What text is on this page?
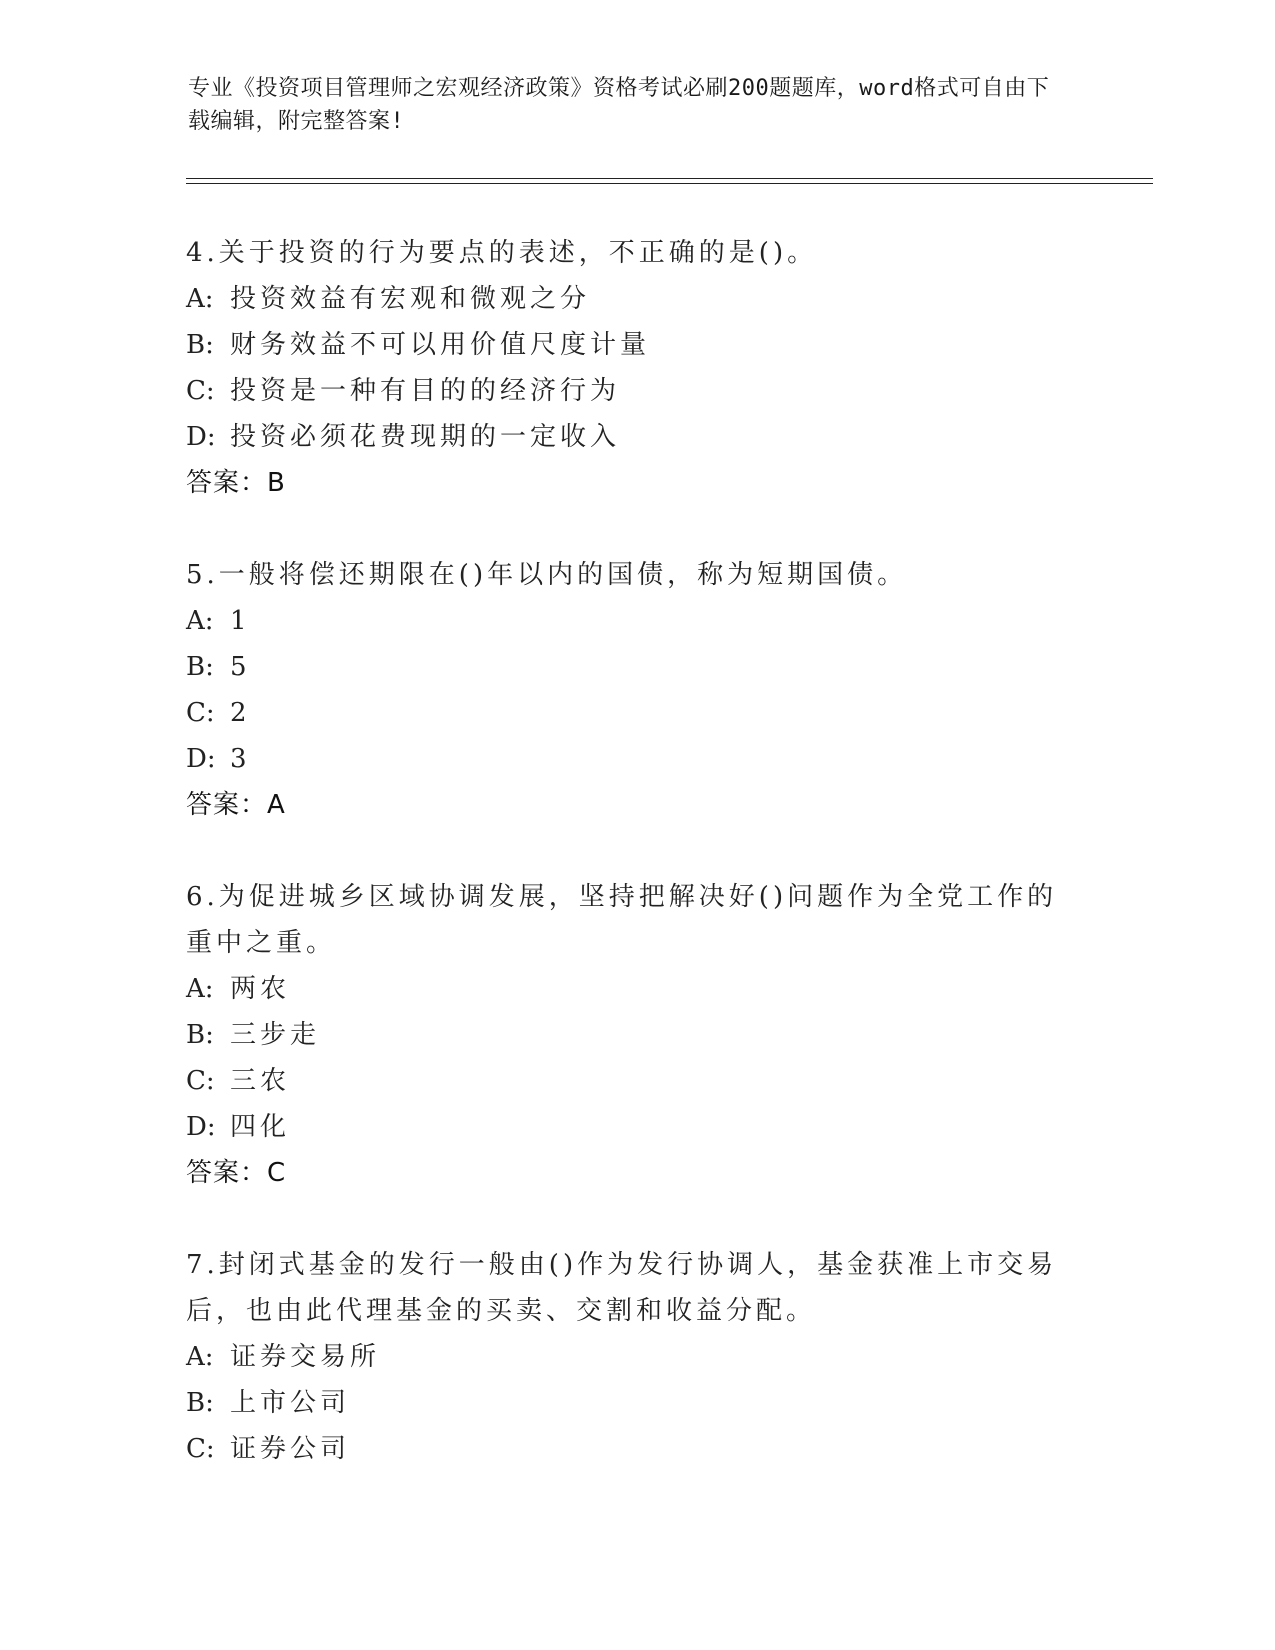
专业《投资项目管理师之宏观经济政策》资格考试必刷200题题库，word格式可自由下载编辑，附完整答案!
4.关于投资的行为要点的表述，不正确的是()。
A: 投资效益有宏观和微观之分
B: 财务效益不可以用价值尺度计量
C: 投资是一种有目的的经济行为
D: 投资必须花费现期的一定收入
答案：B
5.一般将偿还期限在()年以内的国债，称为短期国债。
A: 1
B: 5
C: 2
D: 3
答案：A
6.为促进城乡区域协调发展，坚持把解决好()问题作为全党工作的重中之重。
A: 两农
B: 三步走
C: 三农
D: 四化
答案：C
7.封闭式基金的发行一般由()作为发行协调人，基金获准上市交易后，也由此代理基金的买卖、交割和收益分配。
A: 证券交易所
B: 上市公司
C: 证券公司
